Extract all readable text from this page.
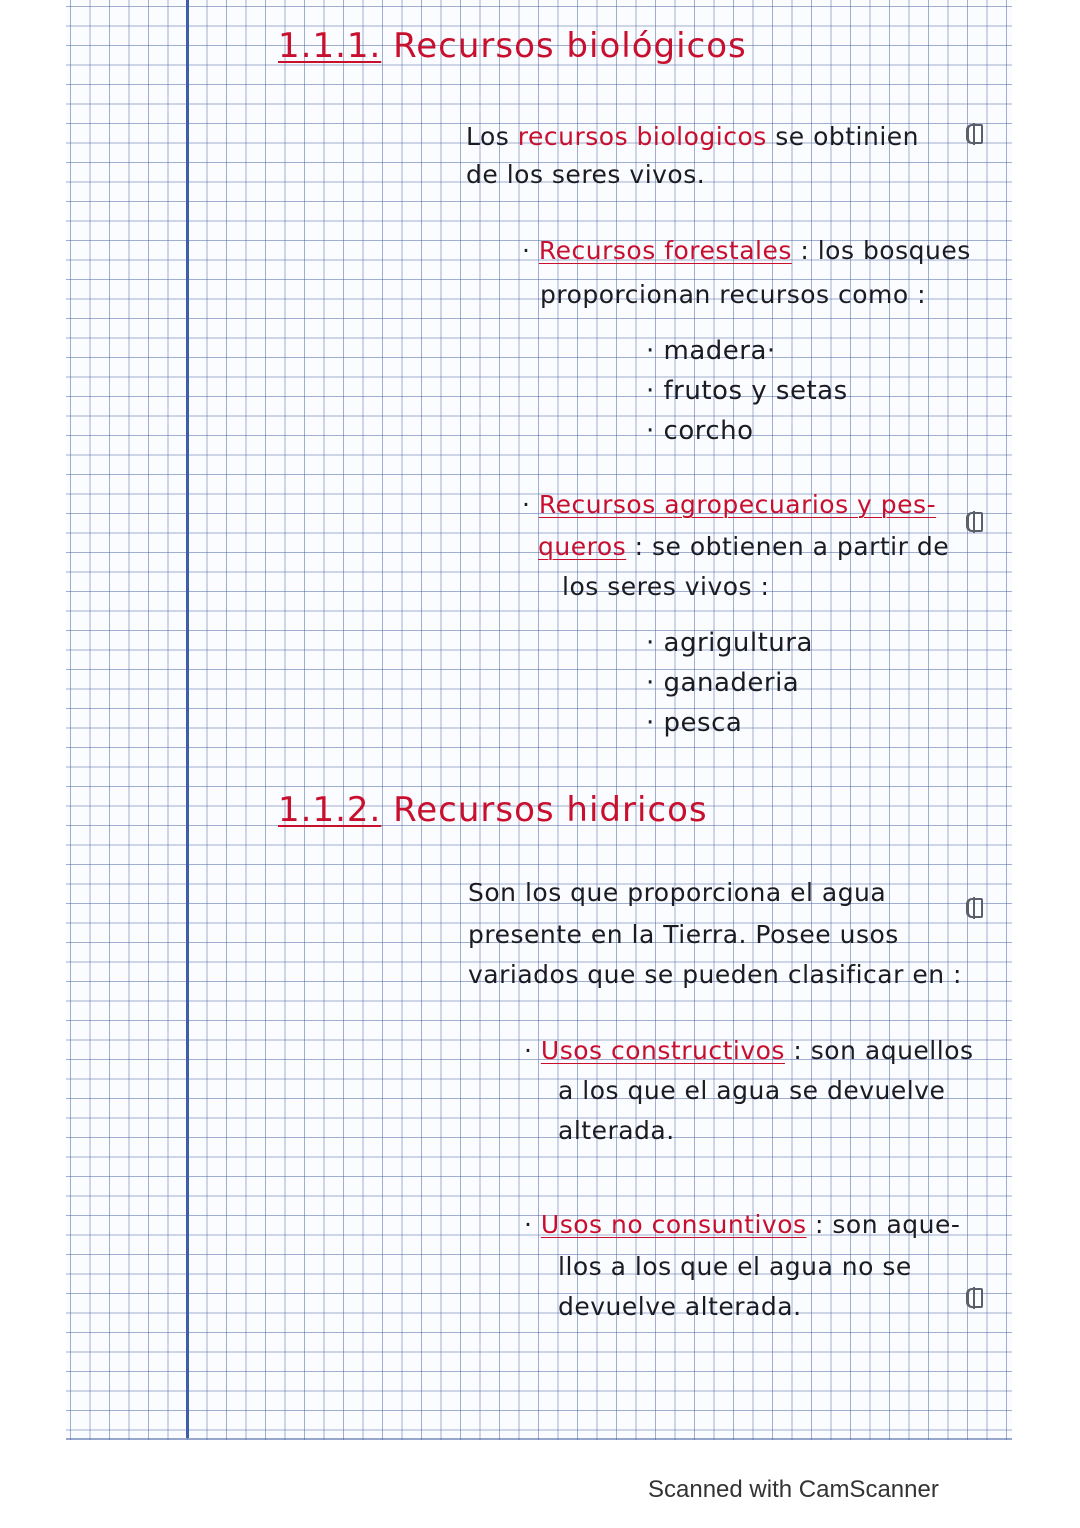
1.1.1. Recursos biológicos
Los recursos biologicos se obtinien
de los seres vivos.
· Recursos forestales : los bosques
proporcionan recursos como :
· madera·
· frutos y setas
· corcho
· Recursos agropecuarios y pes-
queros : se obtienen a partir de
los seres vivos :
· agrigultura
· ganaderia
· pesca
1.1.2. Recursos hidricos
Son los que proporciona el agua
presente en la Tierra. Posee usos
variados que se pueden clasificar en :
· Usos constructivos : son aquellos
a los que el agua se devuelve
alterada.
· Usos no consuntivos : son aque-
llos a los que el agua no se
devuelve alterada.
Scanned with CamScanner
